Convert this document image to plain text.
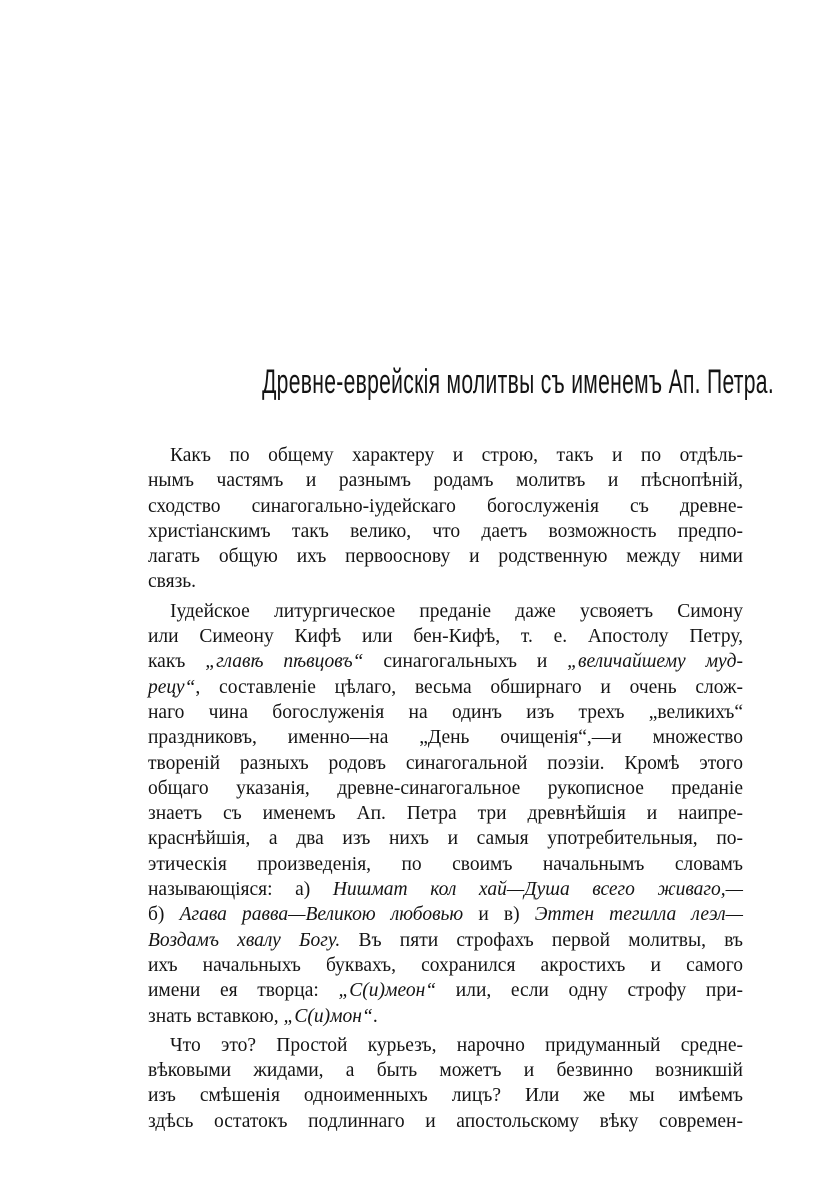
Древне-еврейскія молитвы съ именемъ Ап. Петра.
Какъ по общему характеру и строю, такъ и по отдѣль-
нымъ частямъ и разнымъ родамъ молитвъ и пѣснопѣній,
сходство синагогально-іудейскаго богослуженія съ древне-
христіанскимъ такъ велико, что даетъ возможность предпо-
лагать общую ихъ первооснову и родственную между ними
связь.
Іудейское литургическое преданіе даже усвояетъ Симону
или Симеону Кифѣ или бен-Кифѣ, т. е. Апостолу Петру,
какъ „главѣ пѣвцовъ“ синагогальныхъ и „величайшему муд-
рецу“, составленіе цѣлаго, весьма обширнаго и очень слож-
наго чина богослуженія на одинъ изъ трехъ „великихъ“
праздниковъ, именно—на „День очищенія“,—и множество
твореній разныхъ родовъ синагогальной поэзіи. Кромѣ этого
общаго указанія, древне-синагогальное рукописное преданіе
знаетъ съ именемъ Ап. Петра три древнѣйшія и наипре-
краснѣйшія, а два изъ нихъ и самыя употребительныя, по-
этическія произведенія, по своимъ начальнымъ словамъ
называющіяся: а) Нишмат кол хай—Душа всего живаго,—
б) Агава равва—Великою любовью и в) Эттен тегилла леэл—
Воздамъ хвалу Богу. Въ пяти строфахъ первой молитвы, въ
ихъ начальныхъ буквахъ, сохранился акростихъ и самого
имени ея творца: „С(и)меон“ или, если одну строфу при-
знать вставкою, „С(и)мон“.
Что это? Простой курьезъ, нарочно придуманный средне-
вѣковыми жидами, а быть можетъ и безвинно возникшій
изъ смѣшенія одноименныхъ лицъ? Или же мы имѣемъ
здѣсь остатокъ подлиннаго и апостольскому вѣку современ-
